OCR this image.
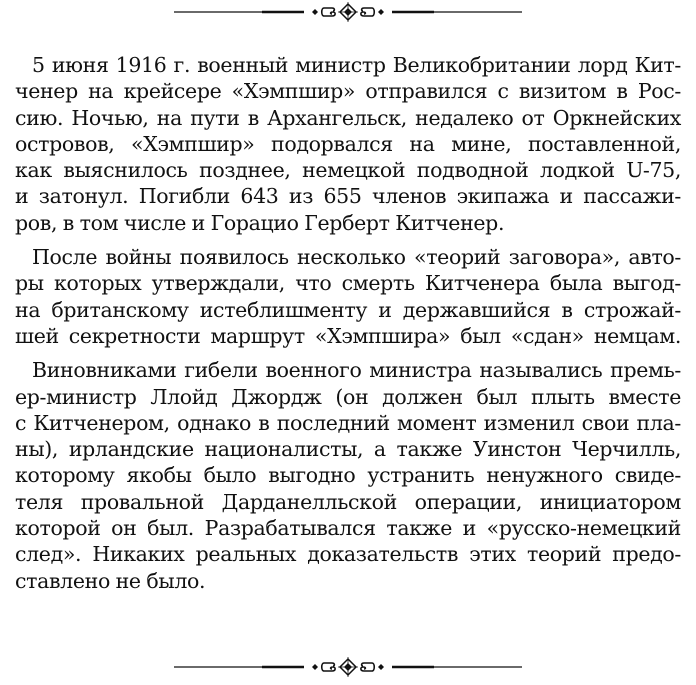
5 июня 1916 г. военный министр Великобритании лорд Кит-
ченер на крейсере «Хэмпшир» отправился с визитом в Рос-
сию. Ночью, на пути в Архангельск, недалеко от Оркнейских
островов, «Хэмпшир» подорвался на мине, поставленной,
как выяснилось позднее, немецкой подводной лодкой U-75,
и затонул. Погибли 643 из 655 членов экипажа и пассажи-
ров, в том числе и Горацио Герберт Китченер.
После войны появилось несколько «теорий заговора», авто-
ры которых утверждали, что смерть Китченера была выгод-
на британскому истеблишменту и державшийся в строжай-
шей секретности маршрут «Хэмпшира» был «сдан» немцам.
Виновниками гибели военного министра назывались премь-
ер-министр Ллойд Джордж (он должен был плыть вместе
с Китченером, однако в последний момент изменил свои пла-
ны), ирландские националисты, а также Уинстон Черчилль,
которому якобы было выгодно устранить ненужного свиде-
теля провальной Дарданелльской операции, инициатором
которой он был. Разрабатывался также и «русско-немецкий
след». Никаких реальных доказательств этих теорий предо-
ставлено не было.
